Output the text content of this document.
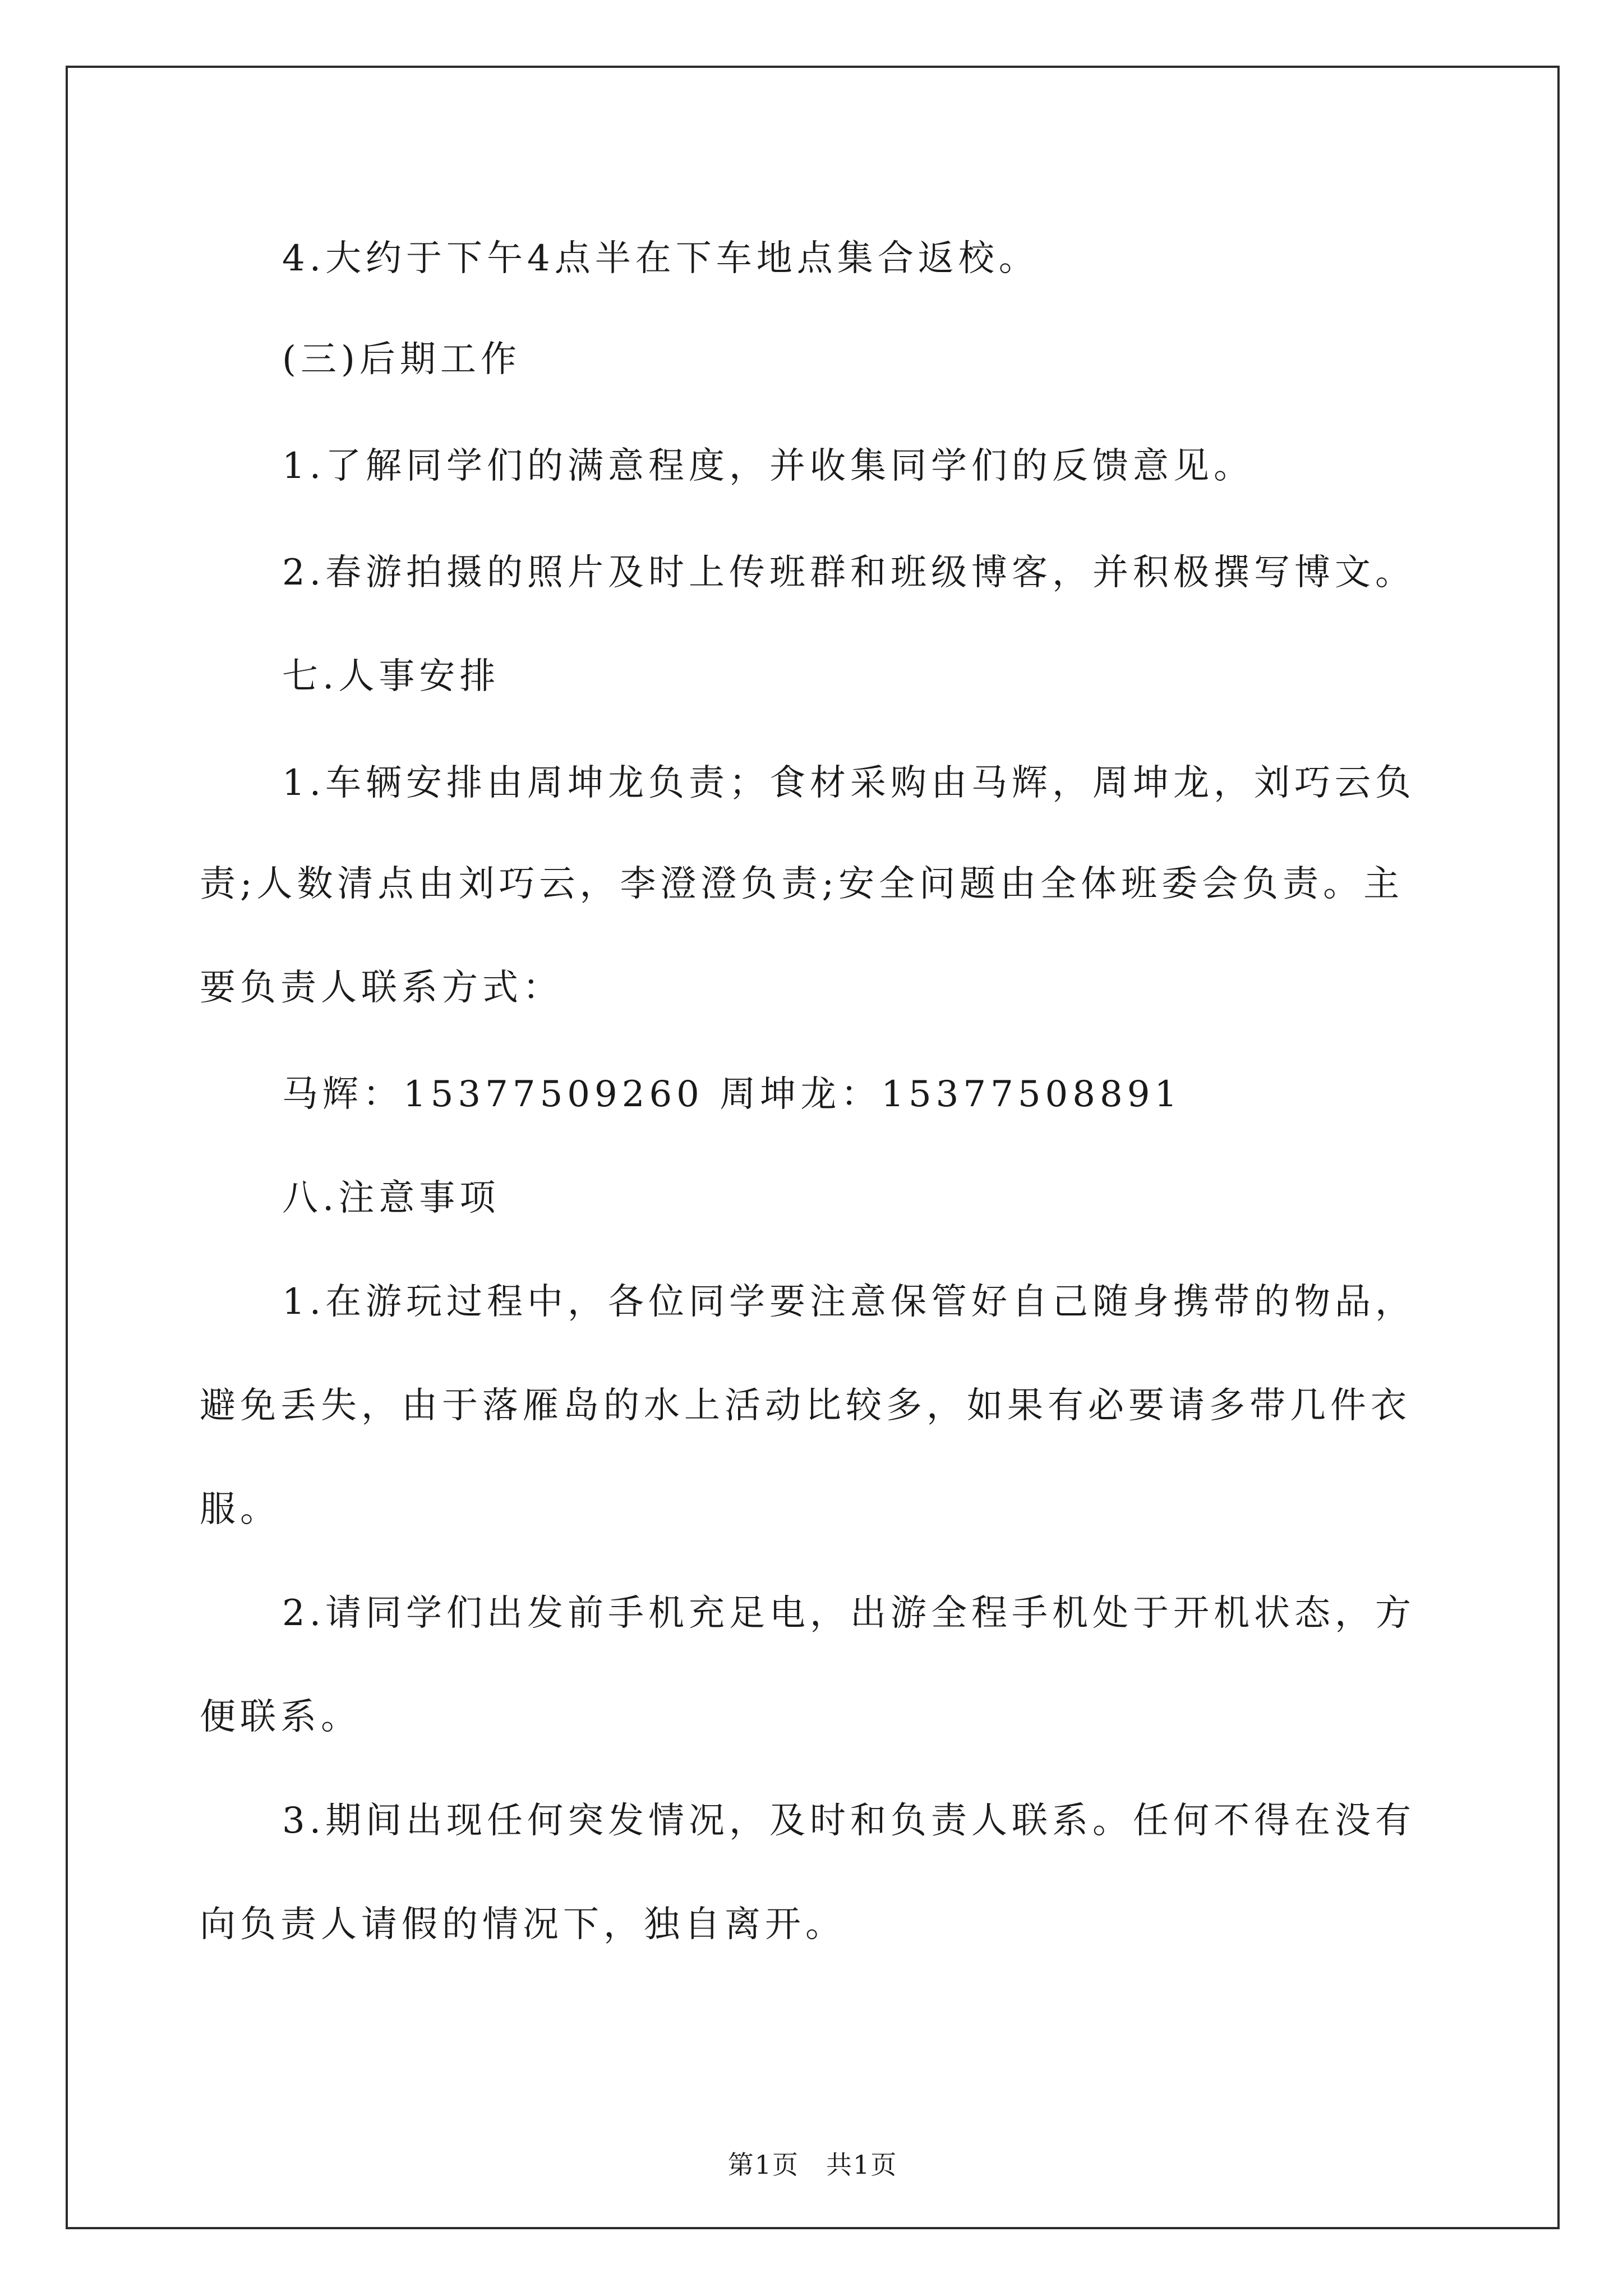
4.大约于下午4点半在下车地点集合返校。
(三)后期工作
1.了解同学们的满意程度，并收集同学们的反馈意见。
2.春游拍摄的照片及时上传班群和班级博客，并积极撰写博文。
七.人事安排
1.车辆安排由周坤龙负责；食材采购由马辉，周坤龙，刘巧云负
责;人数清点由刘巧云，李澄澄负责;安全问题由全体班委会负责。主
要负责人联系方式：
马辉：15377509260 周坤龙：15377508891
八.注意事项
1.在游玩过程中，各位同学要注意保管好自己随身携带的物品，
避免丢失，由于落雁岛的水上活动比较多，如果有必要请多带几件衣
服。
2.请同学们出发前手机充足电，出游全程手机处于开机状态，方
便联系。
3.期间出现任何突发情况，及时和负责人联系。任何不得在没有
向负责人请假的情况下，独自离开。
第1页 共1页
